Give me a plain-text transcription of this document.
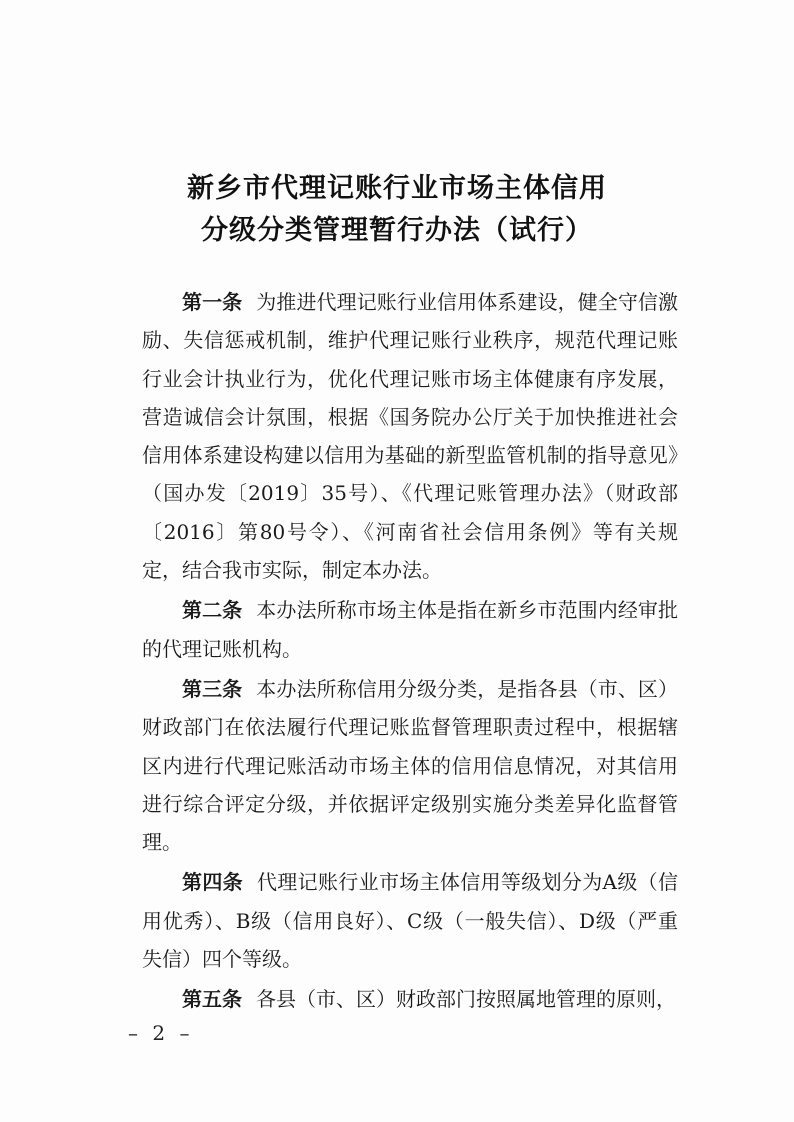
新乡市代理记账行业市场主体信用
分级分类管理暂行办法（试行）

第一条 为推进代理记账行业信用体系建设，健全守信激励、失信惩戒机制，维护代理记账行业秩序，规范代理记账行业会计执业行为，优化代理记账市场主体健康有序发展，营造诚信会计氛围，根据《国务院办公厅关于加快推进社会信用体系建设构建以信用为基础的新型监管机制的指导意见》（国办发〔2019〕35号）、《代理记账管理办法》（财政部〔2016〕第80号令）、《河南省社会信用条例》等有关规定，结合我市实际，制定本办法。

第二条 本办法所称市场主体是指在新乡市范围内经审批的代理记账机构。

第三条 本办法所称信用分级分类，是指各县（市、区）财政部门在依法履行代理记账监督管理职责过程中，根据辖区内进行代理记账活动市场主体的信用信息情况，对其信用进行综合评定分级，并依据评定级别实施分类差异化监督管理。

第四条 代理记账行业市场主体信用等级划分为A级（信用优秀）、B级（信用良好）、C级（一般失信）、D级（严重失信）四个等级。

第五条 各县（市、区）财政部门按照属地管理的原则，

– 2 –
